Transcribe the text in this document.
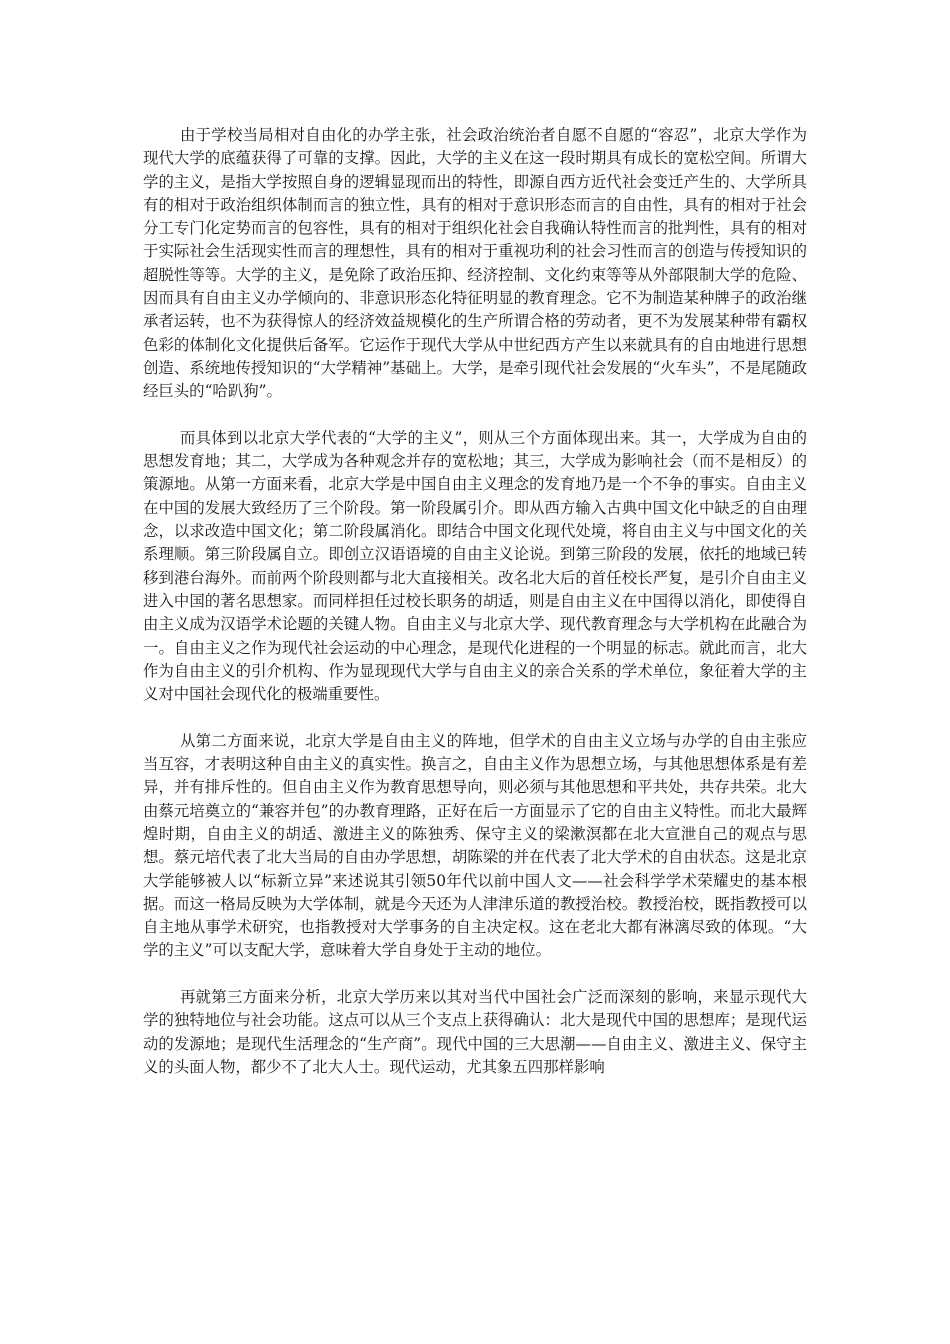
由于学校当局相对自由化的办学主张，社会政治统治者自愿不自愿的“容忍”，北京大学作为现代大学的底蕴获得了可靠的支撑。因此，大学的主义在这一段时期具有成长的宽松空间。所谓大学的主义，是指大学按照自身的逻辑显现而出的特性，即源自西方近代社会变迁产生的、大学所具有的相对于政治组织体制而言的独立性，具有的相对于意识形态而言的自由性，具有的相对于社会分工专门化定势而言的包容性，具有的相对于组织化社会自我确认特性而言的批判性，具有的相对于实际社会生活现实性而言的理想性，具有的相对于重视功利的社会习性而言的创造与传授知识的超脱性等等。大学的主义，是免除了政治压抑、经济控制、文化约束等等从外部限制大学的危险、因而具有自由主义办学倾向的、非意识形态化特征明显的教育理念。它不为制造某种牌子的政治继承者运转，也不为获得惊人的经济效益规模化的生产所谓合格的劳动者，更不为发展某种带有霸权色彩的体制化文化提供后备军。它运作于现代大学从中世纪西方产生以来就具有的自由地进行思想创造、系统地传授知识的“大学精神”基础上。大学，是牵引现代社会发展的“火车头”，不是尾随政经巨头的“哈趴狗”。

而具体到以北京大学代表的“大学的主义”，则从三个方面体现出来。其一，大学成为自由的思想发育地；其二，大学成为各种观念并存的宽松地；其三，大学成为影响社会（而不是相反）的策源地。从第一方面来看，北京大学是中国自由主义理念的发育地乃是一个不争的事实。自由主义在中国的发展大致经历了三个阶段。第一阶段属引介。即从西方输入古典中国文化中缺乏的自由理念，以求改造中国文化；第二阶段属消化。即结合中国文化现代处境，将自由主义与中国文化的关系理顺。第三阶段属自立。即创立汉语语境的自由主义论说。到第三阶段的发展，依托的地域已转移到港台海外。而前两个阶段则都与北大直接相关。改名北大后的首任校长严复，是引介自由主义进入中国的著名思想家。而同样担任过校长职务的胡适，则是自由主义在中国得以消化，即使得自由主义成为汉语学术论题的关键人物。自由主义与北京大学、现代教育理念与大学机构在此融合为一。自由主义之作为现代社会运动的中心理念，是现代化进程的一个明显的标志。就此而言，北大作为自由主义的引介机构、作为显现现代大学与自由主义的亲合关系的学术单位，象征着大学的主义对中国社会现代化的极端重要性。

从第二方面来说，北京大学是自由主义的阵地，但学术的自由主义立场与办学的自由主张应当互容，才表明这种自由主义的真实性。换言之，自由主义作为思想立场，与其他思想体系是有差异，并有排斥性的。但自由主义作为教育思想导向，则必须与其他思想和平共处，共存共荣。北大由蔡元培奠立的“兼容并包”的办教育理路，正好在后一方面显示了它的自由主义特性。而北大最辉煌时期，自由主义的胡适、激进主义的陈独秀、保守主义的梁漱溟都在北大宣泄自己的观点与思想。蔡元培代表了北大当局的自由办学思想，胡陈梁的并在代表了北大学术的自由状态。这是北京大学能够被人以“标新立异”来述说其引领50年代以前中国人文——社会科学学术荣耀史的基本根据。而这一格局反映为大学体制，就是今天还为人津津乐道的教授治校。教授治校，既指教授可以自主地从事学术研究，也指教授对大学事务的自主决定权。这在老北大都有淋漓尽致的体现。“大学的主义”可以支配大学，意味着大学自身处于主动的地位。

再就第三方面来分析，北京大学历来以其对当代中国社会广泛而深刻的影响，来显示现代大学的独特地位与社会功能。这点可以从三个支点上获得确认：北大是现代中国的思想库；是现代运动的发源地；是现代生活理念的“生产商”。现代中国的三大思潮——自由主义、激进主义、保守主义的头面人物，都少不了北大人士。现代运动，尤其象五四那样影响
